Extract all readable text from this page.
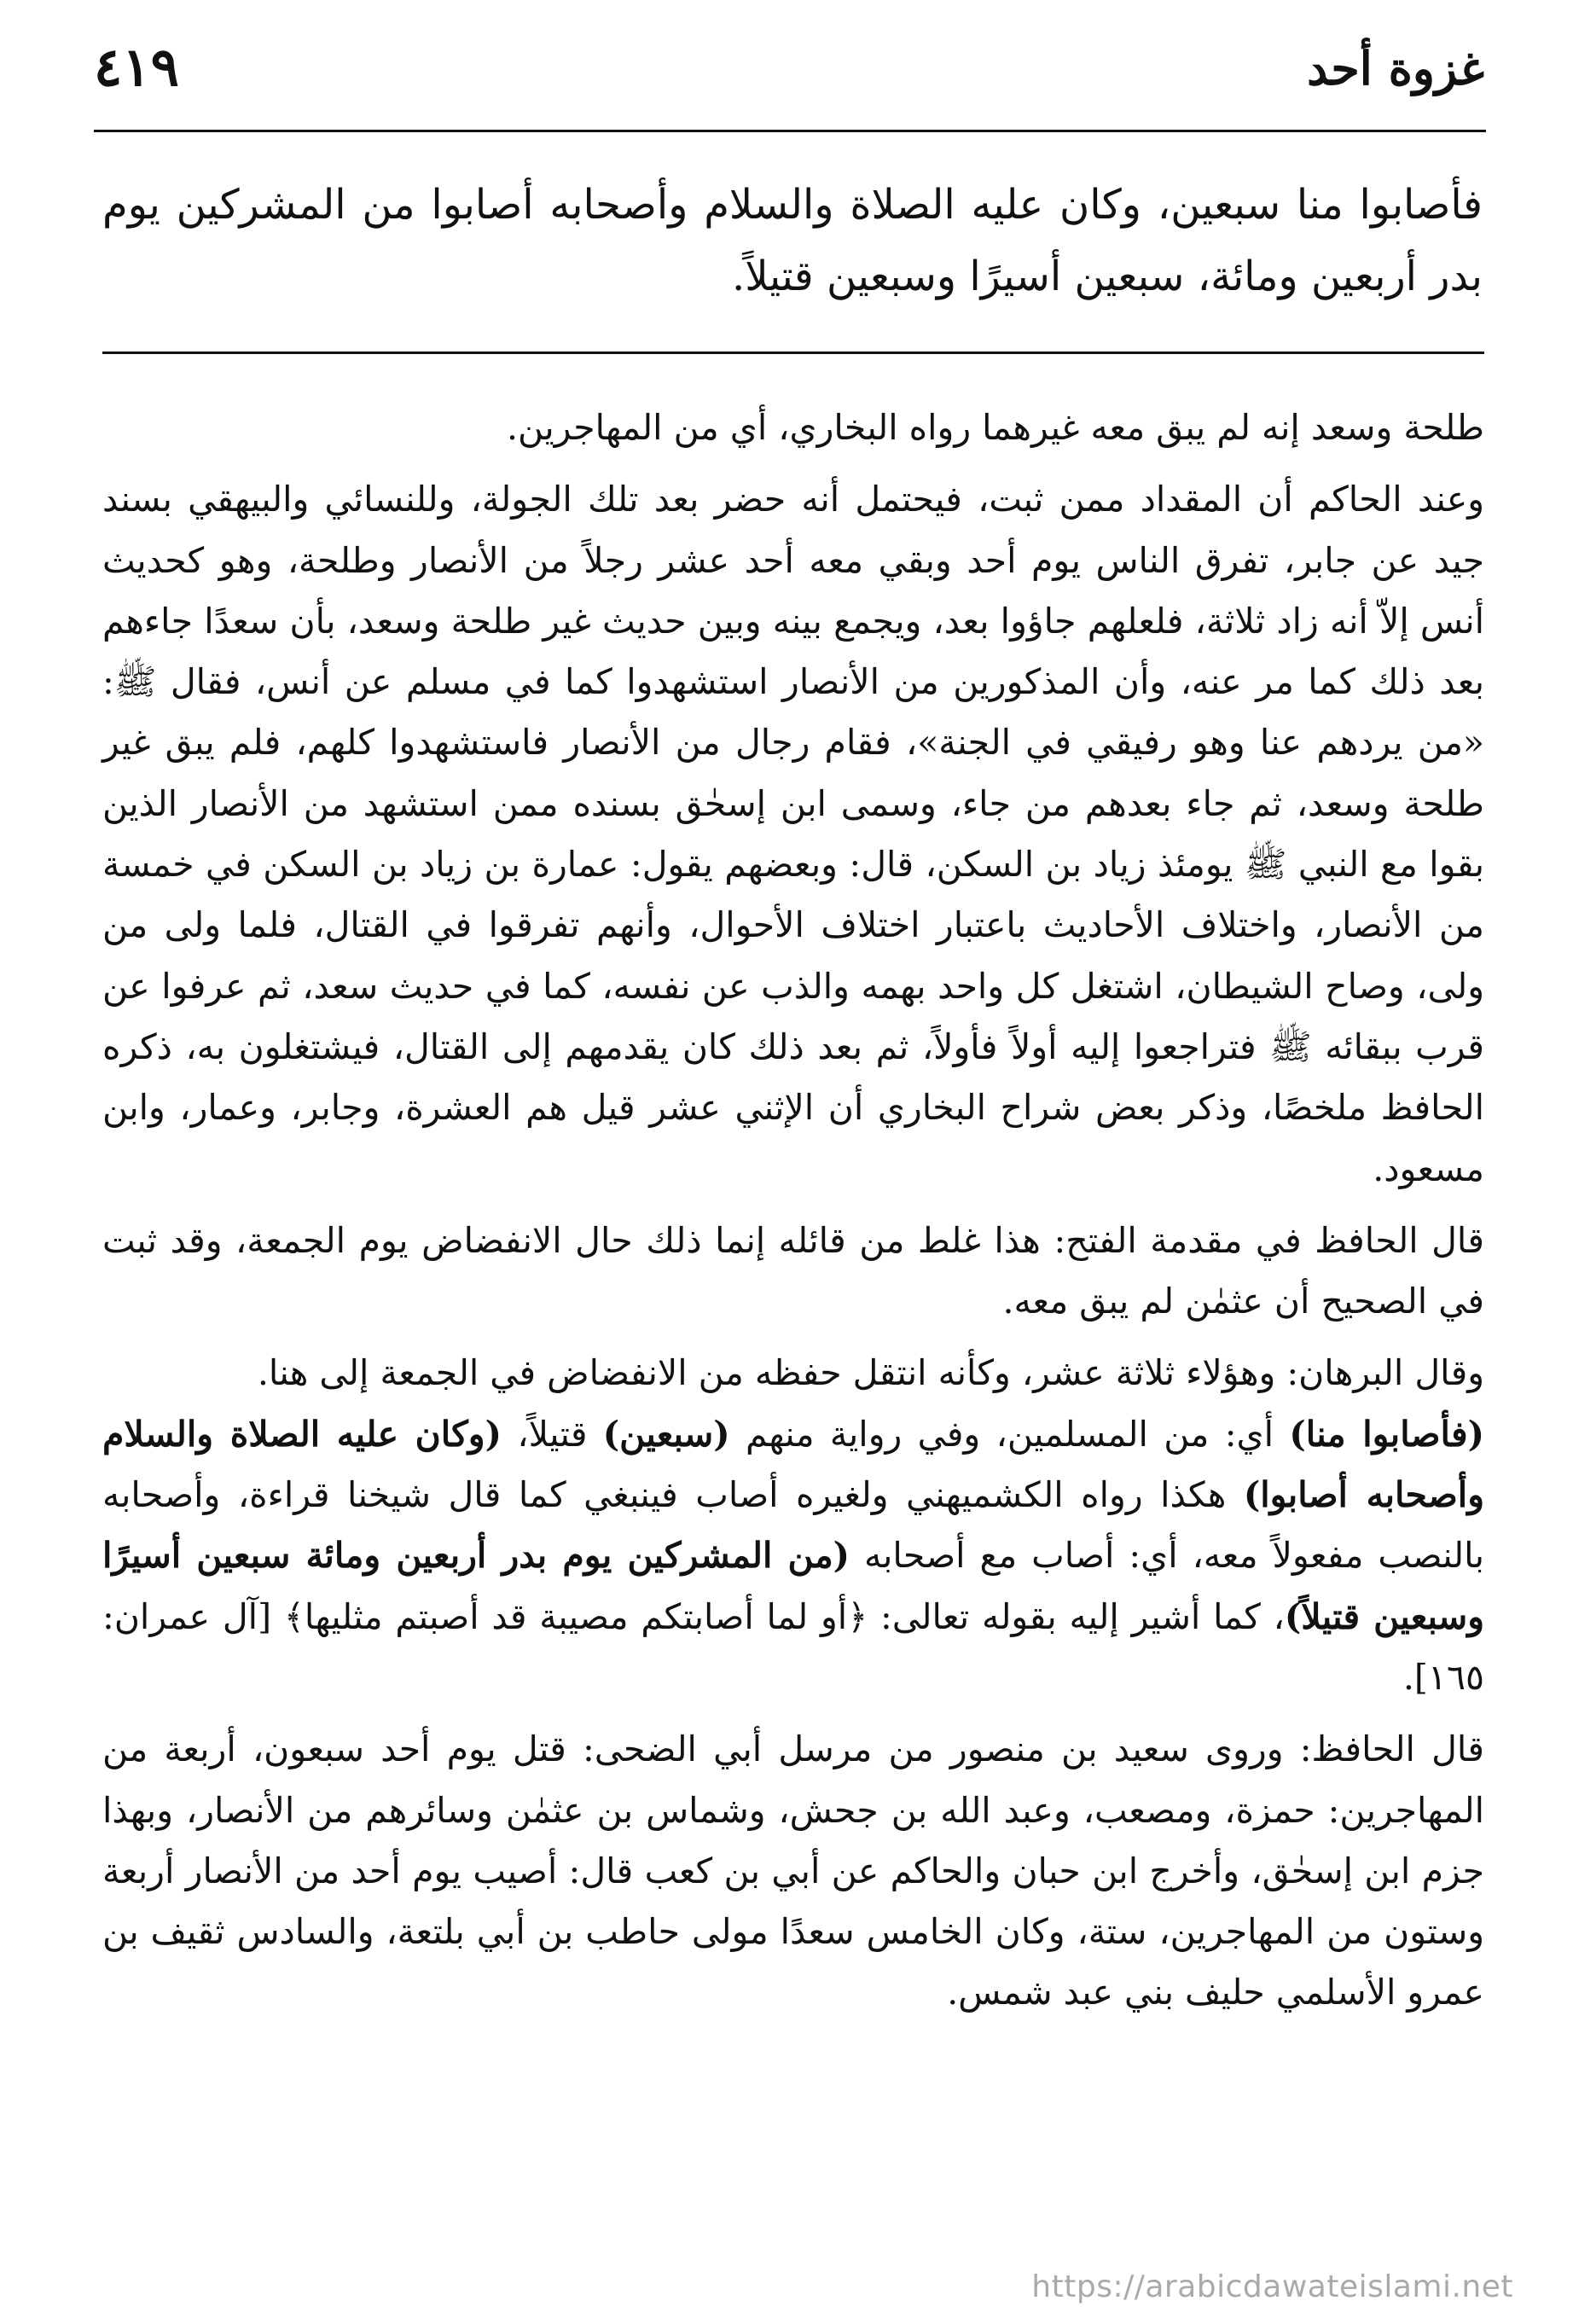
غزوة أحد
٤١٩
فأصابوا منا سبعين، وكان عليه الصلاة والسلام وأصحابه أصابوا من المشركين يوم بدر أربعين ومائة، سبعين أسيرًا وسبعين قتيلاً.

طلحة وسعد إنه لم يبق معه غيرهما رواه البخاري، أي من المهاجرين.

وعند الحاكم أن المقداد ممن ثبت، فيحتمل أنه حضر بعد تلك الجولة، وللنسائي والبيهقي بسند جيد عن جابر، تفرق الناس يوم أحد وبقي معه أحد عشر رجلاً من الأنصار وطلحة، وهو كحديث أنس إلاّ أنه زاد ثلاثة، فلعلهم جاؤوا بعد، ويجمع بينه وبين حديث غير طلحة وسعد، بأن سعدًا جاءهم بعد ذلك كما مر عنه، وأن المذكورين من الأنصار استشهدوا كما في مسلم عن أنس، فقال ﷺ: «من يردهم عنا وهو رفيقي في الجنة»، فقام رجال من الأنصار فاستشهدوا كلهم، فلم يبق غير طلحة وسعد، ثم جاء بعدهم من جاء، وسمى ابن إسحٰق بسنده ممن استشهد من الأنصار الذين بقوا مع النبي ﷺ يومئذ زياد بن السكن، قال: وبعضهم يقول: عمارة بن زياد بن السكن في خمسة من الأنصار، واختلاف الأحاديث باعتبار اختلاف الأحوال، وأنهم تفرقوا في القتال، فلما ولى من ولى، وصاح الشيطان، اشتغل كل واحد بهمه والذب عن نفسه، كما في حديث سعد، ثم عرفوا عن قرب ببقائه ﷺ فتراجعوا إليه أولاً فأولاً، ثم بعد ذلك كان يقدمهم إلى القتال، فيشتغلون به، ذكره الحافظ ملخصًا، وذكر بعض شراح البخاري أن الإثني عشر قيل هم العشرة، وجابر، وعمار، وابن مسعود.

قال الحافظ في مقدمة الفتح: هذا غلط من قائله إنما ذلك حال الانفضاض يوم الجمعة، وقد ثبت في الصحيح أن عثمٰن لم يبق معه.

وقال البرهان: وهؤلاء ثلاثة عشر، وكأنه انتقل حفظه من الانفضاض في الجمعة إلى هنا.
(فأصابوا منا) أي: من المسلمين، وفي رواية منهم (سبعين) قتيلاً، (وكان عليه الصلاة والسلام وأصحابه أصابوا) هكذا رواه الكشميهني ولغيره أصاب فينبغي كما قال شيخنا قراءة، وأصحابه بالنصب مفعولاً معه، أي: أصاب مع أصحابه (من المشركين يوم بدر أربعين ومائة سبعين أسيرًا وسبعين قتيلاً)، كما أشير إليه بقوله تعالى: ﴿أو لما أصابتكم مصيبة قد أصبتم مثليها﴾ [آل عمران: ١٦٥].

قال الحافظ: وروى سعيد بن منصور من مرسل أبي الضحى: قتل يوم أحد سبعون، أربعة من المهاجرين: حمزة، ومصعب، وعبد الله بن جحش، وشماس بن عثمٰن وسائرهم من الأنصار، وبهذا جزم ابن إسحٰق، وأخرج ابن حبان والحاكم عن أبي بن كعب قال: أصيب يوم أحد من الأنصار أربعة وستون من المهاجرين، ستة، وكان الخامس سعدًا مولى حاطب بن أبي بلتعة، والسادس ثقيف بن عمرو الأسلمي حليف بني عبد شمس.

https://arabicdawateislami.net
